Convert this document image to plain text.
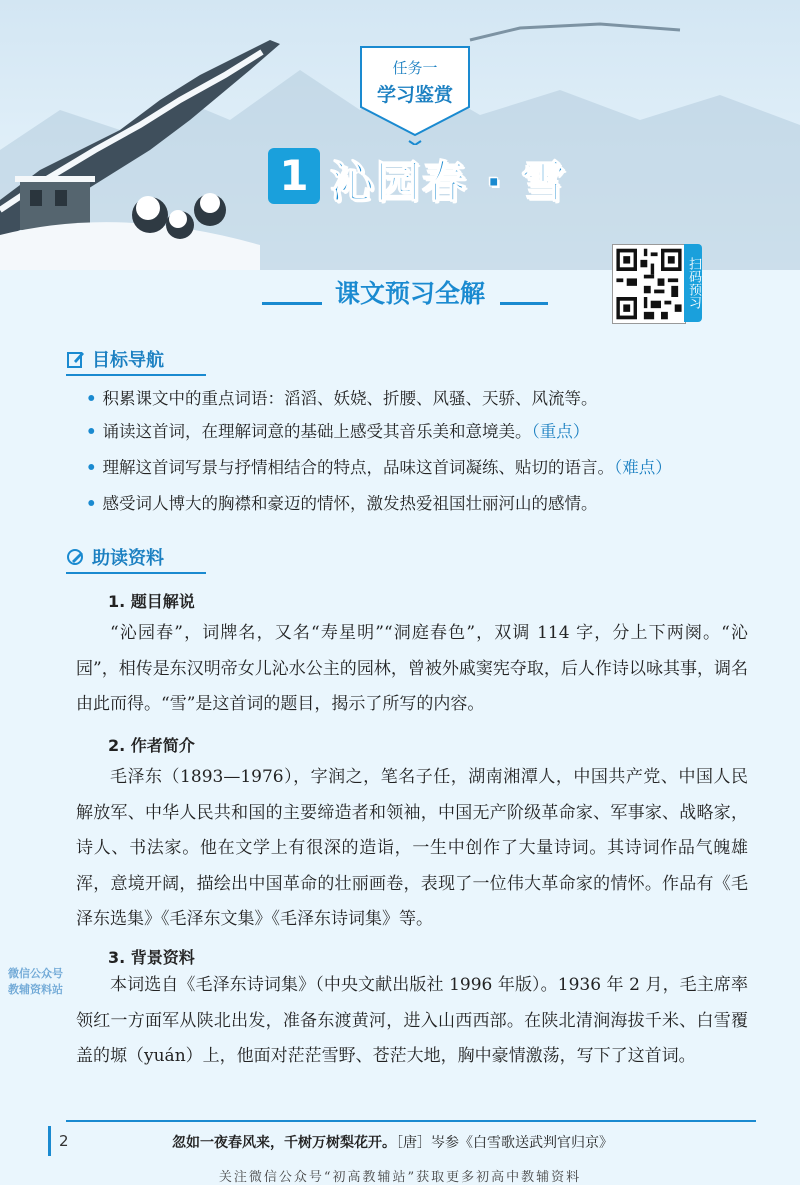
任务一
学习鉴赏
1 沁园春 · 雪
课文预习全解	扫码预习
目标导航
• 积累课文中的重点词语：滔滔、妖娆、折腰、风骚、天骄、风流等。
• 诵读这首词，在理解词意的基础上感受其音乐美和意境美。（重点）
• 理解这首词写景与抒情相结合的特点，品味这首词凝练、贴切的语言。（难点）
• 感受词人博大的胸襟和豪迈的情怀，激发热爱祖国壮丽河山的感情。
助读资料
1. 题目解说
“沁园春”，词牌名，又名“寿星明”“洞庭春色”，双调 114 字，分上下两阕。“沁园”，相传是东汉明帝女儿沁水公主的园林，曾被外戚窦宪夺取，后人作诗以咏其事，调名由此而得。“雪”是这首词的题目，揭示了所写的内容。
2. 作者简介
毛泽东（1893—1976），字润之，笔名子任，湖南湘潭人，中国共产党、中国人民解放军、中华人民共和国的主要缔造者和领袖，中国无产阶级革命家、军事家、战略家，诗人、书法家。他在文学上有很深的造诣，一生中创作了大量诗词。其诗词作品气魄雄浑，意境开阔，描绘出中国革命的壮丽画卷，表现了一位伟大革命家的情怀。作品有《毛泽东选集》《毛泽东文集》《毛泽东诗词集》等。
3. 背景资料
本词选自《毛泽东诗词集》（中央文献出版社 1996 年版）。1936 年 2 月，毛主席率领红一方面军从陕北出发，准备东渡黄河，进入山西西部。在陕北清涧海拔千米、白雪覆盖的塬（yuán）上，他面对茫茫雪野、苍茫大地，胸中豪情激荡，写下了这首词。
微信公众号
教辅资料站
2	忽如一夜春风来，千树万树梨花开。［唐］岑参《白雪歌送武判官归京》
关注微信公众号“初高教辅站”获取更多初高中教辅资料
